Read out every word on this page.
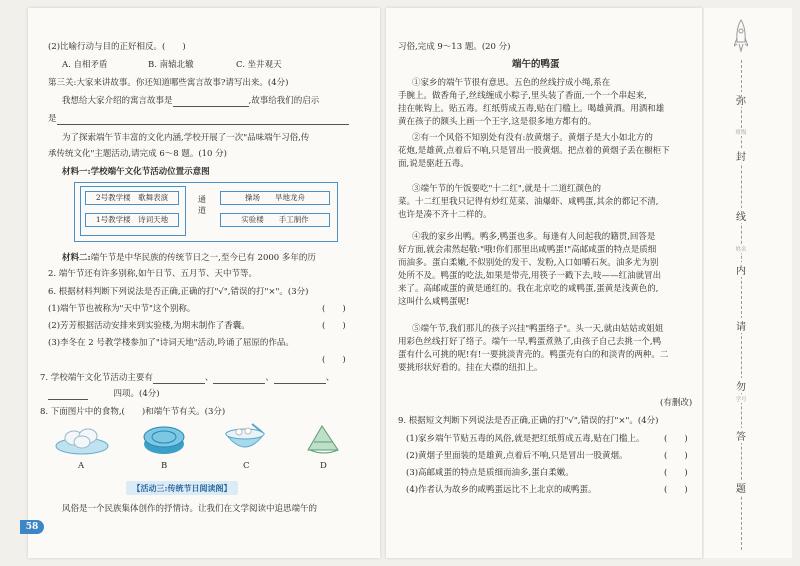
(2)比喻行动与目的正好相反。(　　)
A. 自相矛盾	B. 南辕北辙	C. 坐井观天
第三关:大家来讲故事。你还知道哪些寓言故事?请写出来。(4分)
我想给大家介绍的寓言故事是	,故事给我们的启示
是
为了探索端午节丰富的文化内涵,学校开展了一次"品味端午习俗,传
承传统文化"主题活动,请完成 6～8 题。(10 分)
材料一:学校端午文化节活动位置示意图
2号教学楼　歌舞表演
1号教学楼　诗词天地
通道
操场　　旱地龙舟
实验楼　　手工制作
材料二:端午节是中华民族的传统节日之一,至今已有 2000 多年的历
2. 端午节还有许多别称,如午日节、五月节、天中节等。
6. 根据材料判断下列说法是否正确,正确的打"√",错误的打"×"。(3分)
(1)端午节也被称为"天中节"这个别称。	(　　)
(2)芳芳根据活动安排来到实验楼,为期末制作了香囊。	(　　)
(3)李冬在 2 号教学楼参加了"诗词天地"活动,吟诵了屈原的作品。
(　　)
7. 学校端午文化节活动主要有	、	、	、
　　　四项。(4分)
8. 下面图片中的食物,(　　)和端午节有关。(3分)
A	B	C	D
【活动三:传统节日阅读阁】
风俗是一个民族集体创作的抒情诗。让我们在文学阅读中追思端午的
58
习俗,完成 9～13 题。(20 分)
端午的鸭蛋
①家乡的端午节很有意思。五色的丝线拧成小绳,系在
手腕上。做香角子,丝线缠成小粽子,里头装了香面,一个一个串起来,
挂在帐钩上。贴五毒。红纸剪成五毒,贴在门槛上。喝雄黄酒。用酒和雄
黄在孩子的额头上画一个王字,这是很多地方都有的。
②有一个风俗不知别处有没有:放黄烟子。黄烟子是大小如北方的
花炮,是雄黄,点着后不响,只是冒出一股黄烟。把点着的黄烟子丢在橱柜下
面,说是驱赶五毒。
③端午节的午饭要吃"十二红",就是十二道红颜色的
菜。十二红里我只记得有炒红苋菜、油爆虾、咸鸭蛋,其余的都记不清,
也许是凑不齐十二样的。
④我的家乡出鸭。鸭多,鸭蛋也多。每逢有人问起我的籍贯,回答是
好方面,就会肃然起敬:"哦!你们那里出咸鸭蛋!"高邮咸蛋的特点是质细
而油多。蛋白柔嫩,不似别处的发干、发粉,入口如嚼石灰。油多尤为别
处所不及。鸭蛋的吃法,如果是带壳,用筷子一戳下去,吱——红油就冒出
来了。高邮咸蛋的黄是通红的。我在北京吃的咸鸭蛋,蛋黄是浅黄色的,
这叫什么咸鸭蛋呢!
⑤端午节,我们那儿的孩子兴挂"鸭蛋络子"。头一天,就由姑姑或姐姐
用彩色丝线打好了络子。端午一早,鸭蛋煮熟了,由孩子自己去挑一个,鸭
蛋有什么可挑的呢!有!一要挑淡青壳的。鸭蛋壳有白的和淡青的两种。二
要挑形状好看的。挂在大襟的纽扣上。
(有删改)
9. 根据短文判断下列说法是否正确,正确的打"√",错误的打"×"。(4分)
(1)家乡端午节贴五毒的风俗,就是把红纸剪成五毒,贴在门槛上。 (　　)
(2)黄烟子里面装的是雄黄,点着后不响,只是冒出一股黄烟。	(　　)
(3)高邮咸蛋的特点是质细而油多,蛋白柔嫩。	(　　)
(4)作者认为故乡的咸鸭蛋远比不上北京的咸鸭蛋。	(　　)
弥
封
线
内
请
勿
答
题
班级
姓名
学号
